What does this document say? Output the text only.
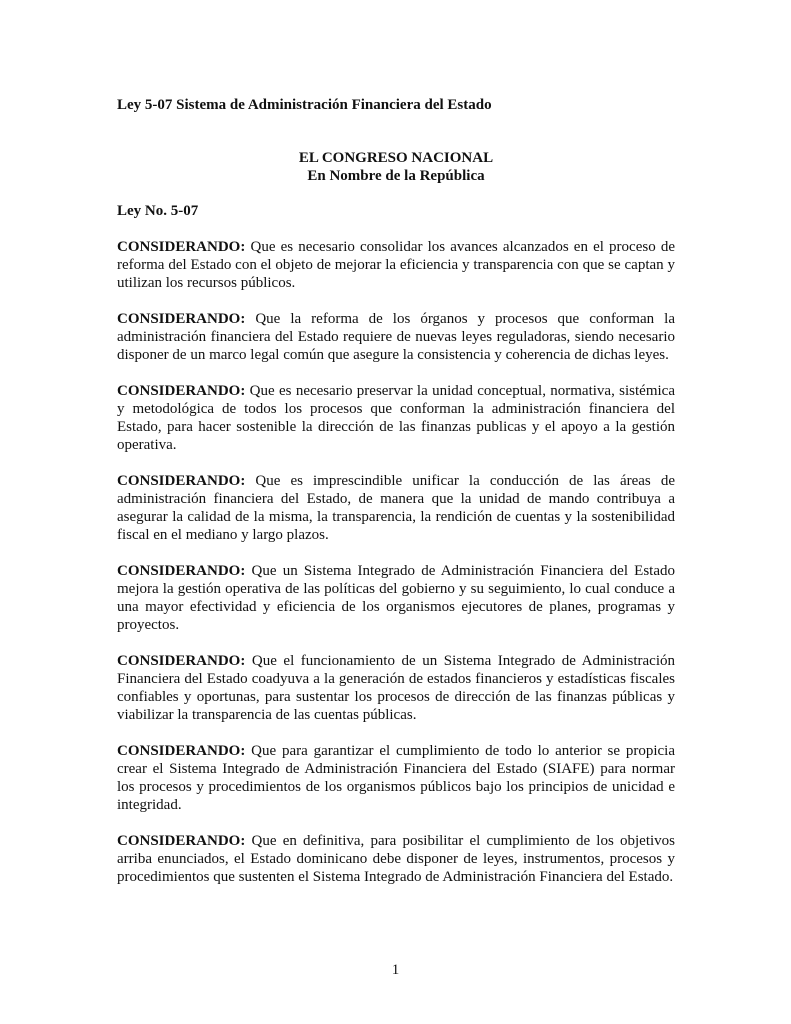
Ley 5-07 Sistema de Administración Financiera del Estado

EL CONGRESO NACIONAL
En Nombre de la República
Ley No. 5-07
CONSIDERANDO: Que es necesario consolidar los avances alcanzados en el proceso de reforma del Estado con el objeto de mejorar la eficiencia y transparencia con que se captan y utilizan los recursos públicos.
CONSIDERANDO: Que la reforma de los órganos y procesos que conforman la administración financiera del Estado requiere de nuevas leyes reguladoras, siendo necesario disponer de un marco legal común que asegure la consistencia y coherencia de dichas leyes.
CONSIDERANDO: Que es necesario preservar la unidad conceptual, normativa, sistémica y metodológica de todos los procesos que conforman la administración financiera del Estado, para hacer sostenible la dirección de las finanzas publicas y el apoyo a la gestión operativa.
CONSIDERANDO: Que es imprescindible unificar la conducción de las áreas de administración financiera del Estado, de manera que la unidad de mando contribuya a asegurar la calidad de la misma, la transparencia, la rendición de cuentas y la sostenibilidad fiscal en el mediano y largo plazos.
CONSIDERANDO: Que un Sistema Integrado de Administración Financiera del Estado mejora la gestión operativa de las políticas del gobierno y su seguimiento, lo cual conduce a una mayor efectividad y eficiencia de los organismos ejecutores de planes, programas y proyectos.
CONSIDERANDO: Que el funcionamiento de un Sistema Integrado de Administración Financiera del Estado coadyuva a la generación de estados financieros y estadísticas fiscales confiables y oportunas, para sustentar los procesos de dirección de las finanzas públicas y viabilizar la transparencia de las cuentas públicas.
CONSIDERANDO: Que para garantizar el cumplimiento de todo lo anterior se propicia crear el Sistema Integrado de Administración Financiera del Estado (SIAFE) para normar los procesos y procedimientos de los organismos públicos bajo los principios de unicidad e integridad.
CONSIDERANDO: Que en definitiva, para posibilitar el cumplimiento de los objetivos arriba enunciados, el Estado dominicano debe disponer de leyes, instrumentos, procesos y procedimientos que sustenten el Sistema Integrado de Administración Financiera del Estado.
1
